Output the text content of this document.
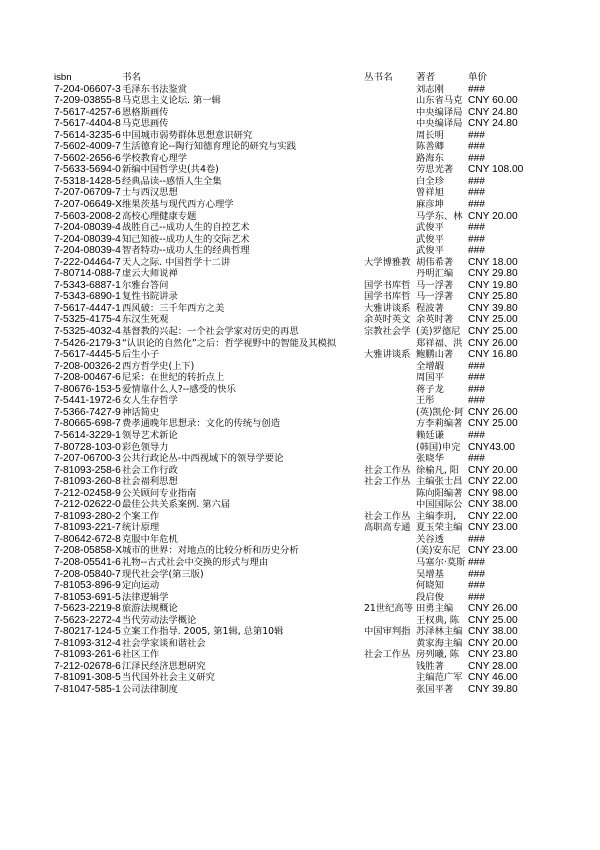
isbn	书名	丛书名	著者	单价
7-204-06607-3	毛泽东书法鉴赏		刘志刚	###
7-209-03855-8	马克思主义论坛. 第一辑		山东省马克	CNY 60.00
7-5617-4257-6	恩格斯画传		中央编译局	CNY 24.80
7-5617-4404-8	马克思画传		中央编译局	CNY 24.80
7-5614-3235-6	中国城市弱势群体思想意识研究		周长明	###
7-5602-4009-7	生活德育论--陶行知德育理论的研究与实践		陈善卿	###
7-5602-2656-6	学校教育心理学		路海东	###
7-5633-5694-0	新编中国哲学史(共4卷)		劳思光著	CNY 108.00
7-5318-1428-5	经典品读--感悟人生全集		白全珍	###
7-207-06709-7	士与西汉思想		曾祥旭	###
7-207-06649-X	维果茨基与现代西方心理学		麻彦坤	###
7-5603-2008-2	高校心理健康专题		马学东、林	CNY 20.00
7-204-08039-4	战胜自己--成功人生的自控艺术		武俊平	###
7-204-08039-4	知己知彼--成功人生的交际艺术		武俊平	###
7-204-08039-4	智者特功--成功人生的经典哲理		武俊平	###
7-222-04464-7	天人之际. 中国哲学十二讲	大学博雅教	胡伟希著	CNY 18.00
7-80714-088-7	虚云大师说禅		丹明汇编	CNY 29.80
7-5343-6887-1	尔雅台答问	国学书库哲	马一浮著	CNY 19.80
7-5343-6890-1	复性书院讲录	国学书库哲	马一浮著	CNY 25.80
7-5617-4447-1	西风破：三千年西方之美	大雅讲谈系	程波著	CNY 39.80
7-5325-4175-4	东汉生死观	余英时英文	余英时著	CNY 25.00
7-5325-4032-4	基督教的兴起：一个社会学家对历史的再思	宗教社会学	(美)罗德尼	CNY 25.00
7-5426-2179-3	“认识论的自然化”之后：哲学视野中的智能及其模拟		郑祥福、洪	CNY 26.00
7-5617-4445-5	后生小子	大雅讲谈系	鲍鹏山著	CNY 16.80
7-208-00326-2	西方哲学史(上下)		全增嘏	###
7-208-00467-6	尼采：在世纪的转折点上		周国平	###
7-80676-153-5	爱情靠什么人?--感受的快乐		蒋子龙	###
7-5441-1972-6	女人生存哲学		王彤	###
7-5366-7427-9	神话简史		(英)凯伦·阿	CNY 26.00
7-80665-698-7	费孝通晚年思想录：文化的传统与创造		方李莉编著	CNY 25.00
7-5614-3229-1	领导艺术新论		赖廷谦	###
7-80728-103-0	彩色领导力		(韩国)申完	CNY43.00
7-207-06700-3	公共行政论丛-中西视域下的领导学要论		张晓华	###
7-81093-258-6	社会工作行政	社会工作丛	徐榆凡, 阳	CNY 20.00
7-81093-260-8	社会福利思想	社会工作丛	主编张士昌	CNY 22.00
7-212-02458-9	公关顾问专业指南		陈向阳编著	CNY 98.00
7-212-02622-0	最佳公共关系案例. 第六届		中国国际公	CNY 38.00
7-81093-280-2	个案工作	社会工作丛	主编李玥,	CNY 22.00
7-81093-221-7	统计原理	高职高专通	夏玉荣主编	CNY 23.00
7-80642-672-8	克服中年危机		关谷透	###
7-208-05858-X	城市的世界：对地点的比较分析和历史分析		(美)安东尼	CNY 23.00
7-208-05541-6	礼物--古式社会中交换的形式与理由		马塞尔·莫斯	###
7-208-05840-7	现代社会学(第三版)		吴增基	###
7-81053-896-9	定向运动		何晓知	###
7-81053-691-5	法律逻辑学		段启俊	###
7-5623-2219-8	旅游法规概论	21世纪高等	田勇主编	CNY 26.00
7-5623-2272-4	当代劳动法学概论		王权典, 陈	CNY 25.00
7-80217-124-5	立案工作指导. 2005, 第1辑, 总第10辑	中国审判指	苏泽林主编	CNY 38.00
7-81093-312-4	社会学家谈和谐社会		黄家海主编	CNY 20.00
7-81093-261-6	社区工作	社会工作丛	房列曦, 陈	CNY 23.80
7-212-02678-6	江泽民经济思想研究		钱胜著	CNY 28.00
7-81091-308-5	当代国外社会主义研究		主编范广军	CNY 46.00
7-81047-585-1	公司法律制度		张国平著	CNY 39.80
